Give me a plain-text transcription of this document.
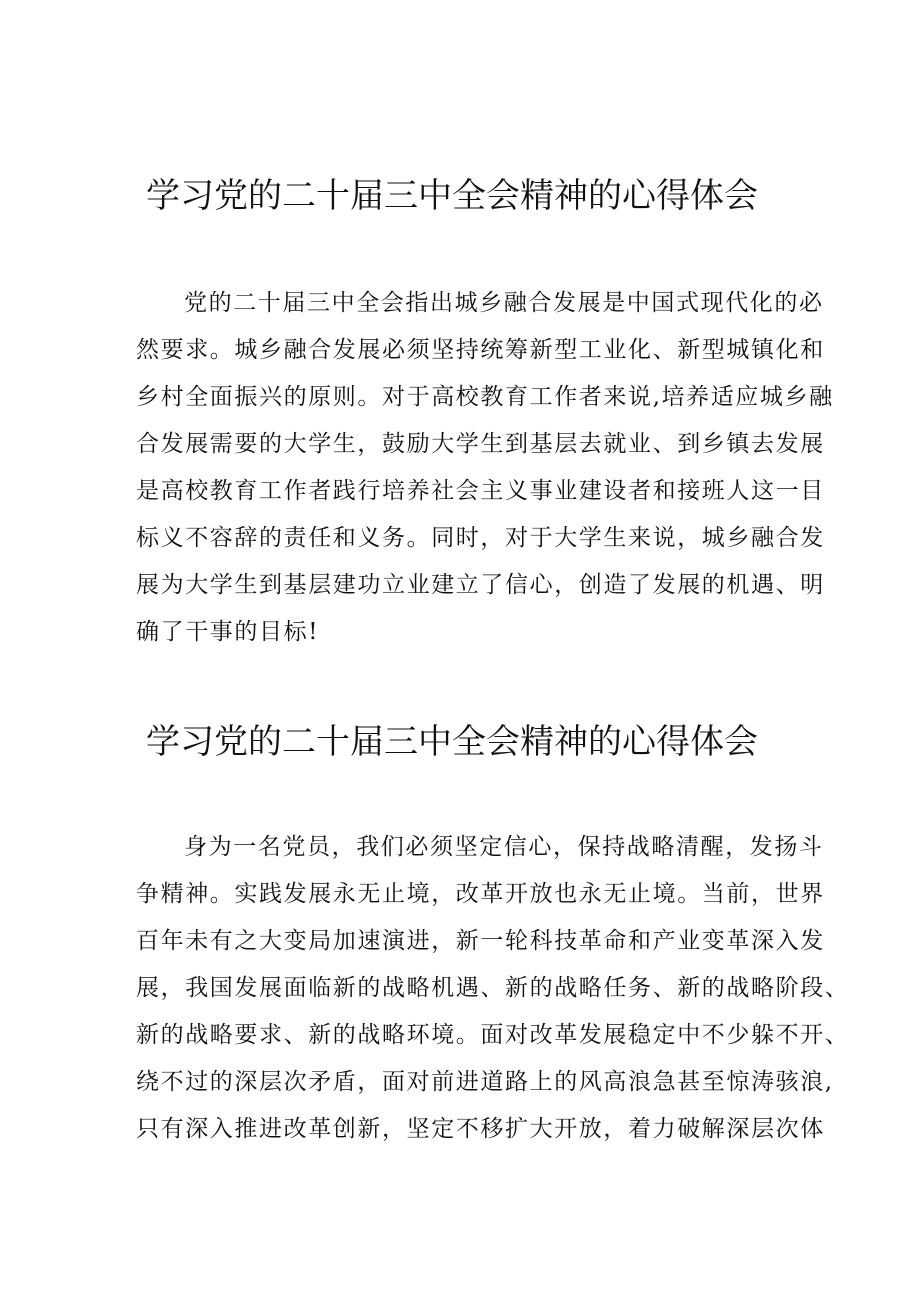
学习党的二十届三中全会精神的心得体会
党的二十届三中全会指出城乡融合发展是中国式现代化的必
然要求。城乡融合发展必须坚持统筹新型工业化、新型城镇化和
乡村全面振兴的原则。对于高校教育工作者来说,培养适应城乡融
合发展需要的大学生，鼓励大学生到基层去就业、到乡镇去发展
是高校教育工作者践行培养社会主义事业建设者和接班人这一目
标义不容辞的责任和义务。同时，对于大学生来说，城乡融合发
展为大学生到基层建功立业建立了信心，创造了发展的机遇、明
确了干事的目标!
学习党的二十届三中全会精神的心得体会
身为一名党员，我们必须坚定信心，保持战略清醒，发扬斗
争精神。实践发展永无止境，改革开放也永无止境。当前，世界
百年未有之大变局加速演进，新一轮科技革命和产业变革深入发
展，我国发展面临新的战略机遇、新的战略任务、新的战略阶段、
新的战略要求、新的战略环境。面对改革发展稳定中不少躲不开、
绕不过的深层次矛盾，面对前进道路上的风高浪急甚至惊涛骇浪,
只有深入推进改革创新，坚定不移扩大开放，着力破解深层次体
